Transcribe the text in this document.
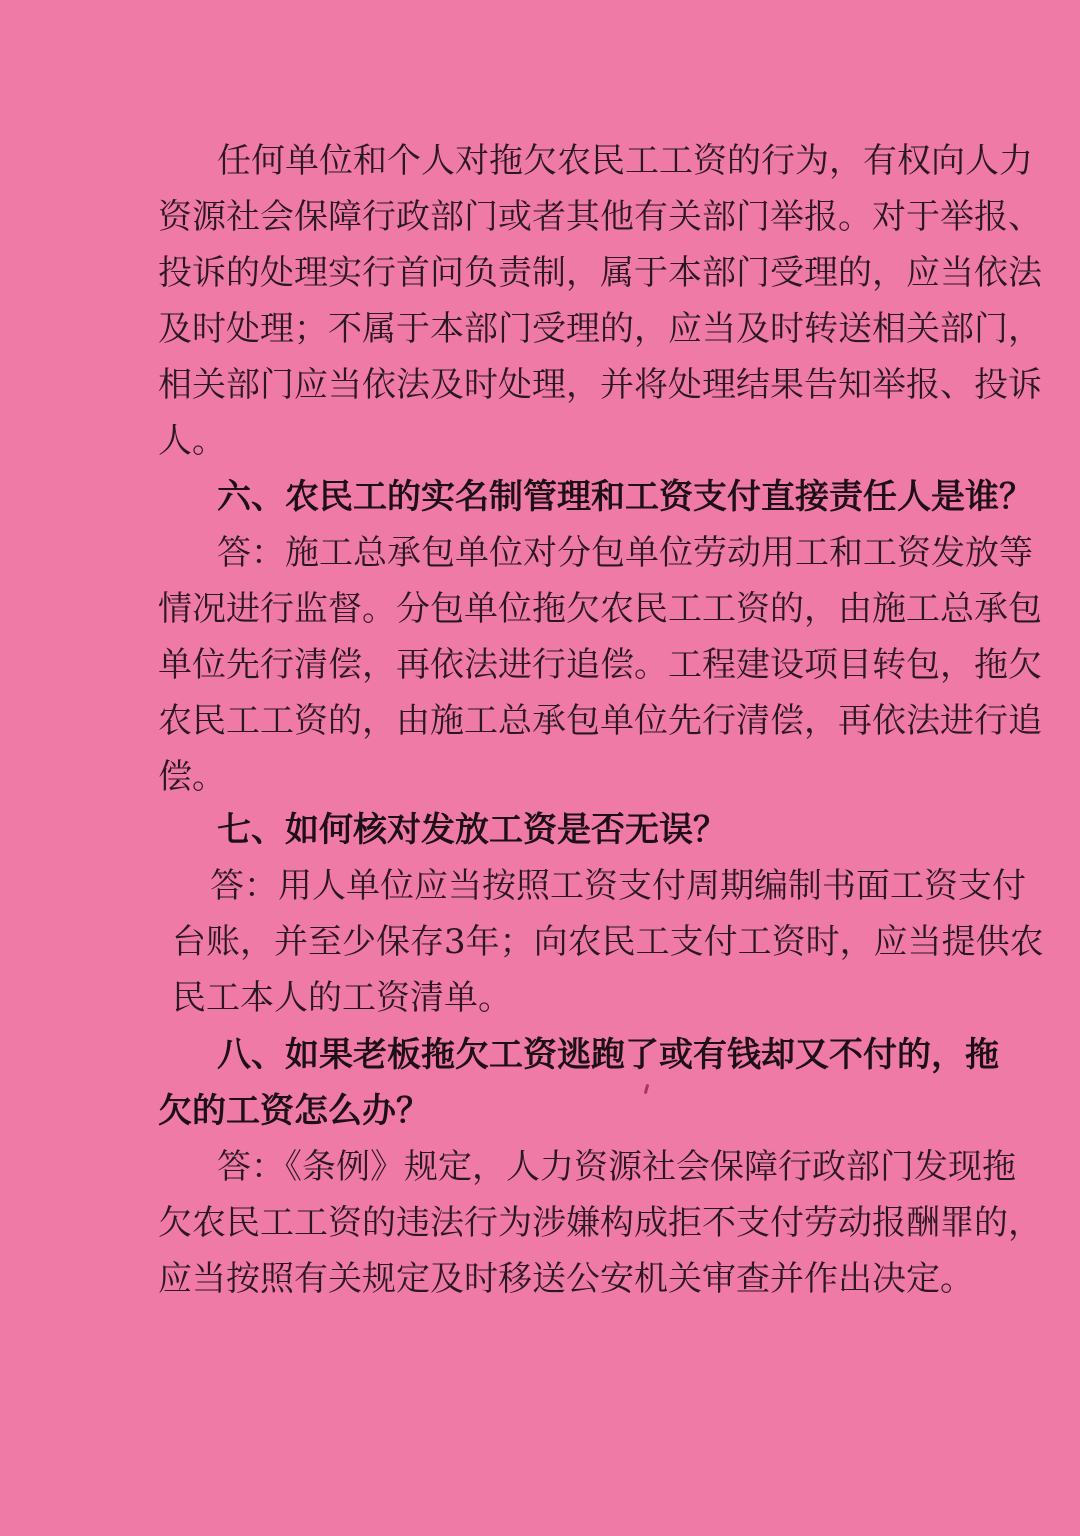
任何单位和个人对拖欠农民工工资的行为，有权向人力
资源社会保障行政部门或者其他有关部门举报。对于举报、
投诉的处理实行首问负责制，属于本部门受理的，应当依法
及时处理；不属于本部门受理的，应当及时转送相关部门，
相关部门应当依法及时处理，并将处理结果告知举报、投诉
人。
六、农民工的实名制管理和工资支付直接责任人是谁？
答：施工总承包单位对分包单位劳动用工和工资发放等
情况进行监督。分包单位拖欠农民工工资的，由施工总承包
单位先行清偿，再依法进行追偿。工程建设项目转包，拖欠
农民工工资的，由施工总承包单位先行清偿，再依法进行追
偿。
七、如何核对发放工资是否无误？
答：用人单位应当按照工资支付周期编制书面工资支付
台账，并至少保存3年；向农民工支付工资时，应当提供农
民工本人的工资清单。
八、如果老板拖欠工资逃跑了或有钱却又不付的，拖
欠的工资怎么办？
答：《条例》规定，人力资源社会保障行政部门发现拖
欠农民工工资的违法行为涉嫌构成拒不支付劳动报酬罪的，
应当按照有关规定及时移送公安机关审查并作出决定。
